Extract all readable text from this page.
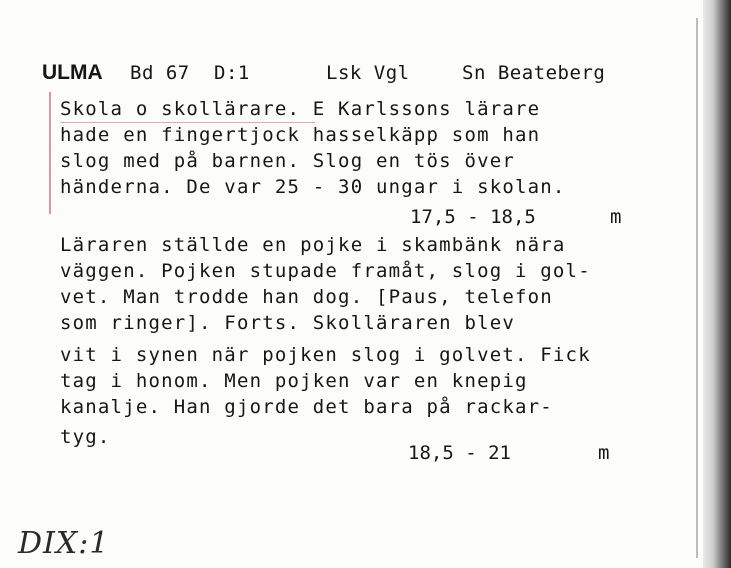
ULMA Bd 67 D:1	Lsk Vgl	Sn Beateberg
Skola o skollärare. E Karlssons lärare
hade en fingertjock hasselkäpp som han
slog med på barnen. Slog en tös över
händerna. De var 25 - 30 ungar i skolan.
17,5 - 18,5	m
Läraren ställde en pojke i skambänk nära
väggen. Pojken stupade framåt, slog i gol-
vet. Man trodde han dog. [Paus, telefon
som ringer]. Forts. Skolläraren blev
vit i synen när pojken slog i golvet. Fick
tag i honom. Men pojken var en knepig
kanalje. Han gjorde det bara på rackar-
tyg.
18,5 - 21	m
DIX:1
